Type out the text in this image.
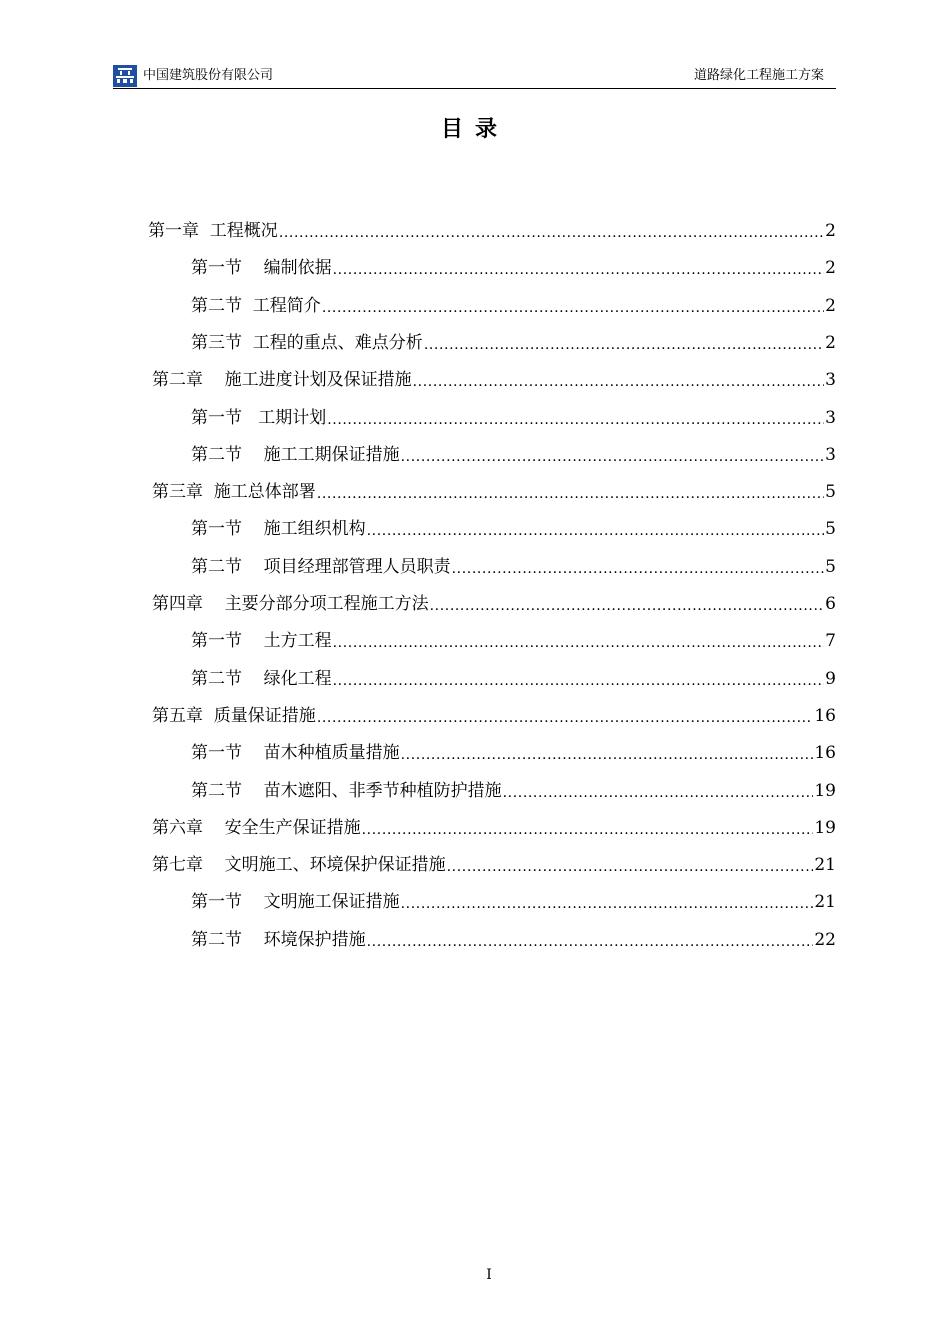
中国建筑股份有限公司	道路绿化工程施工方案
目录
第一章  工程概况 .....	2
第一节    编制依据 .....	2
第二节  工程简介 .....	2
第三节  工程的重点、难点分析 .....	2
第二章    施工进度计划及保证措施 .....	3
第一节   工期计划 .....	3
第二节    施工工期保证措施 .....	3
第三章  施工总体部署 .....	5
第一节    施工组织机构 .....	5
第二节    项目经理部管理人员职责 .....	5
第四章    主要分部分项工程施工方法 .....	6
第一节    土方工程 .....	7
第二节    绿化工程 .....	9
第五章  质量保证措施 .....	16
第一节    苗木种植质量措施 .....	16
第二节    苗木遮阳、非季节种植防护措施 .....	19
第六章    安全生产保证措施 .....	19
第七章    文明施工、环境保护保证措施 .....	21
第一节    文明施工保证措施 .....	21
第二节    环境保护措施 .....	22
I
